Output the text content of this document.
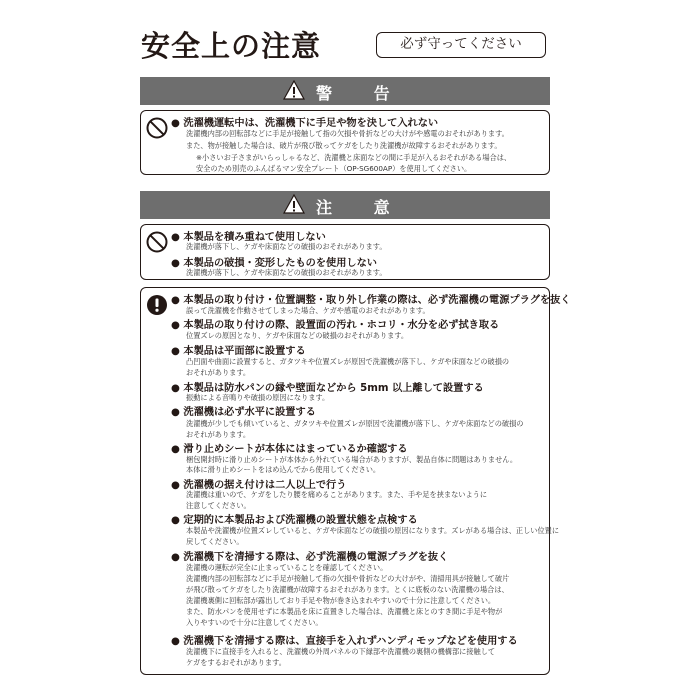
安全上の注意	必ず守ってください
警 告
● 洗濯機運転中は、洗濯機下に手足や物を決して入れない
洗濯機内部の回転部などに手足が接触して指の欠損や骨折などの大けがや感電のおそれがあります。
また、物が接触した場合は、破片が飛び散ってケガをしたり洗濯機が故障するおそれがあります。
※小さいお子さまがいらっしゃるなど、洗濯機と床面などの間に手足が入るおそれがある場合は、
安全のため別売のふんばるマン安全プレート（OP-SG600AP）を使用してください。
注 意
● 本製品を積み重ねて使用しない
洗濯機が落下し、ケガや床面などの破損のおそれがあります。
● 本製品の破損・変形したものを使用しない
洗濯機が落下し、ケガや床面などの破損のおそれがあります。
● 本製品の取り付け・位置調整・取り外し作業の際は、必ず洗濯機の電源プラグを抜く
誤って洗濯機を作動させてしまった場合、ケガや感電のおそれがあります。
● 本製品の取り付けの際、設置面の汚れ・ホコリ・水分を必ず拭き取る
位置ズレの原因となり、ケガや床面などの破損のおそれがあります。
● 本製品は平面部に設置する
凸凹面や曲面に設置すると、ガタツキや位置ズレが原因で洗濯機が落下し、ケガや床面などの破損の
おそれがあります。
● 本製品は防水パンの縁や壁面などから 5mm 以上離して設置する
振動による音鳴りや破損の原因になります。
● 洗濯機は必ず水平に設置する
洗濯機が少しでも傾いていると、ガタツキや位置ズレが原因で洗濯機が落下し、ケガや床面などの破損の
おそれがあります。
● 滑り止めシートが本体にはまっているか確認する
梱包開封時に滑り止めシートが本体から外れている場合がありますが、製品自体に問題はありません。
本体に滑り止めシートをはめ込んでから使用してください。
● 洗濯機の据え付けは二人以上で行う
洗濯機は重いので、ケガをしたり腰を痛めることがあります。また、手や足を挟まないように
注意してください。
● 定期的に本製品および洗濯機の設置状態を点検する
本製品や洗濯機が位置ズレしていると、ケガや床面などの破損の原因になります。ズレがある場合は、正しい位置に
戻してください。
● 洗濯機下を清掃する際は、必ず洗濯機の電源プラグを抜く
洗濯機の運転が完全に止まっていることを確認してください。
洗濯機内部の回転部などに手足が接触して指の欠損や骨折などの大けがや、清掃用具が接触して破片
が飛び散ってケガをしたり洗濯機が故障するおそれがあります。とくに底板のない洗濯機の場合は、
洗濯機裏側に回転部が露出しており手足や物が巻き込まれやすいので十分に注意してください。
また、防水パンを使用せずに本製品を床に直置きした場合は、洗濯機と床とのすき間に手足や物が
入りやすいので十分に注意してください。
● 洗濯機下を清掃する際は、直接手を入れずハンディモップなどを使用する
洗濯機下に直接手を入れると、洗濯機の外周パネルの下縁部や洗濯機の裏側の機構部に接触して
ケガをするおそれがあります。
